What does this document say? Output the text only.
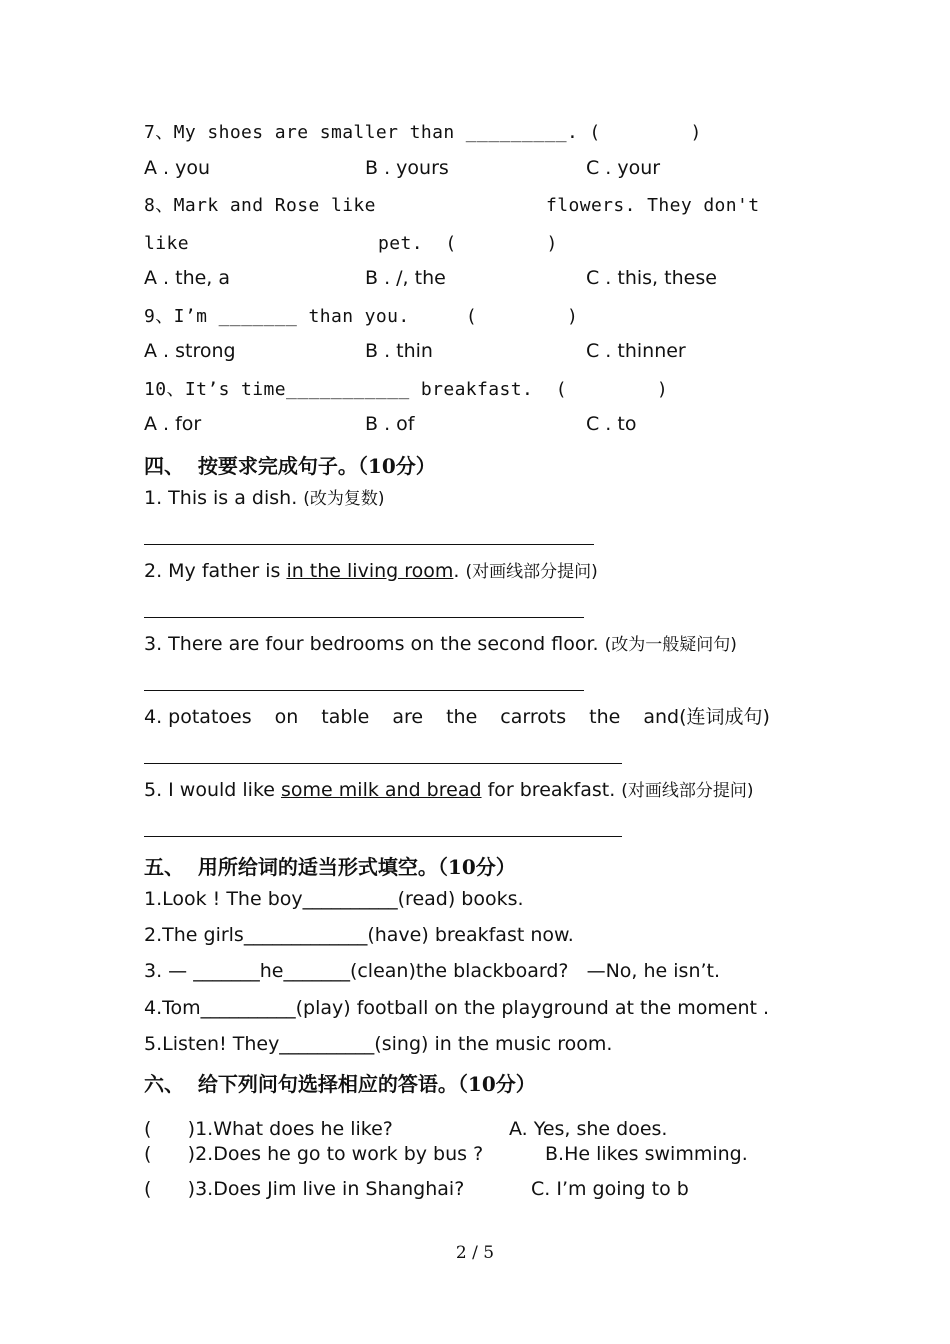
7、My shoes are smaller than _________. (        )
A . you	B . yours	C . your
8、Mark and Rose like	flowers. They don't
like	pet.  (        )
A . the, a	B . /, the	C . this, these
9、I’m _______ than you.     (        )
A . strong	B . thin	C . thinner
10、It’s time___________ breakfast.  (        )
A . for	B . of	C . to
四、  按要求完成句子。（10分）
1. This is a dish. (改为复数)
2. My father is in the living room. (对画线部分提问)
3. There are four bedrooms on the second floor. (改为一般疑问句)
4. potatoes on table are the carrots the and(连词成句)
5. I would like some milk and bread for breakfast. (对画线部分提问)
五、  用所给词的适当形式填空。（10分）
1.Look ! The boy__________(read) books.
2.The girls_____________(have) breakfast now.
3. — _______he_______(clean)the blackboard?   —No, he isn’t.
4.Tom__________(play) football on the playground at the moment .
5.Listen! They__________(sing) in the music room.
六、  给下列问句选择相应的答语。（10分）
(      )1.What does he like?	A. Yes, she does.
(      )2.Does he go to work by bus ?	B.He likes swimming.
(      )3.Does Jim live in Shanghai?	C. I’m going to b
2 / 5
